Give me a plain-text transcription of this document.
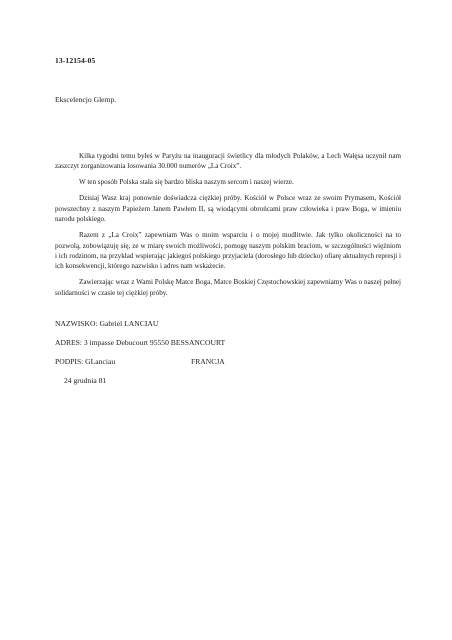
13-12154-05
Ekscelencjo Glemp.

Kilka tygodni temu byłeś w Paryżu na inauguracji świetlicy dla młodych Polaków, a Lech Wałęsa uczynił nam zaszczyt zorganizowania losowania 30.000 numerów „La Croix”.

W ten sposób Polska stała się bardzo bliska naszym sercom i naszej wierze.

Dzisiaj Wasz kraj ponownie doświadcza ciężkiej próby. Kościół w Polsce wraz ze swoim Prymasem, Kościół powszechny z naszym Papieżem Janem Pawłem II, są wiodącymi obrońcami praw człowieka i praw Boga, w imieniu narodu polskiego.

Razem z „La Croix” zapewniam Was o moim wsparciu i o mojej modlitwie. Jak tylko okoliczności na to pozwolą, zobowiązuję się, ze w miarę swoich możliwości, pomogę naszym polskim braciom, w szczególności więźniom i ich rodzinom, na przykład wspierając jakiegoś polskiego przyjaciela (dorosłego lub dziecko) ofiarę aktualnych represji i ich konsekwencji, którego nazwisko i adres nam wskażecie.

Zawierzając wraz z Wami Polskę Matce Boga, Matce Boskiej Częstochowskiej zapewniamy Was o naszej pełnej solidarności w czasie tej ciężkiej próby.

NAZWISKO: Gabriel LANCIAU
ADRES: 3 impasse Debucourt 95550 BESSANCOURT
PODPIS: GLanciau	FRANCJA
24 grudnia 81
